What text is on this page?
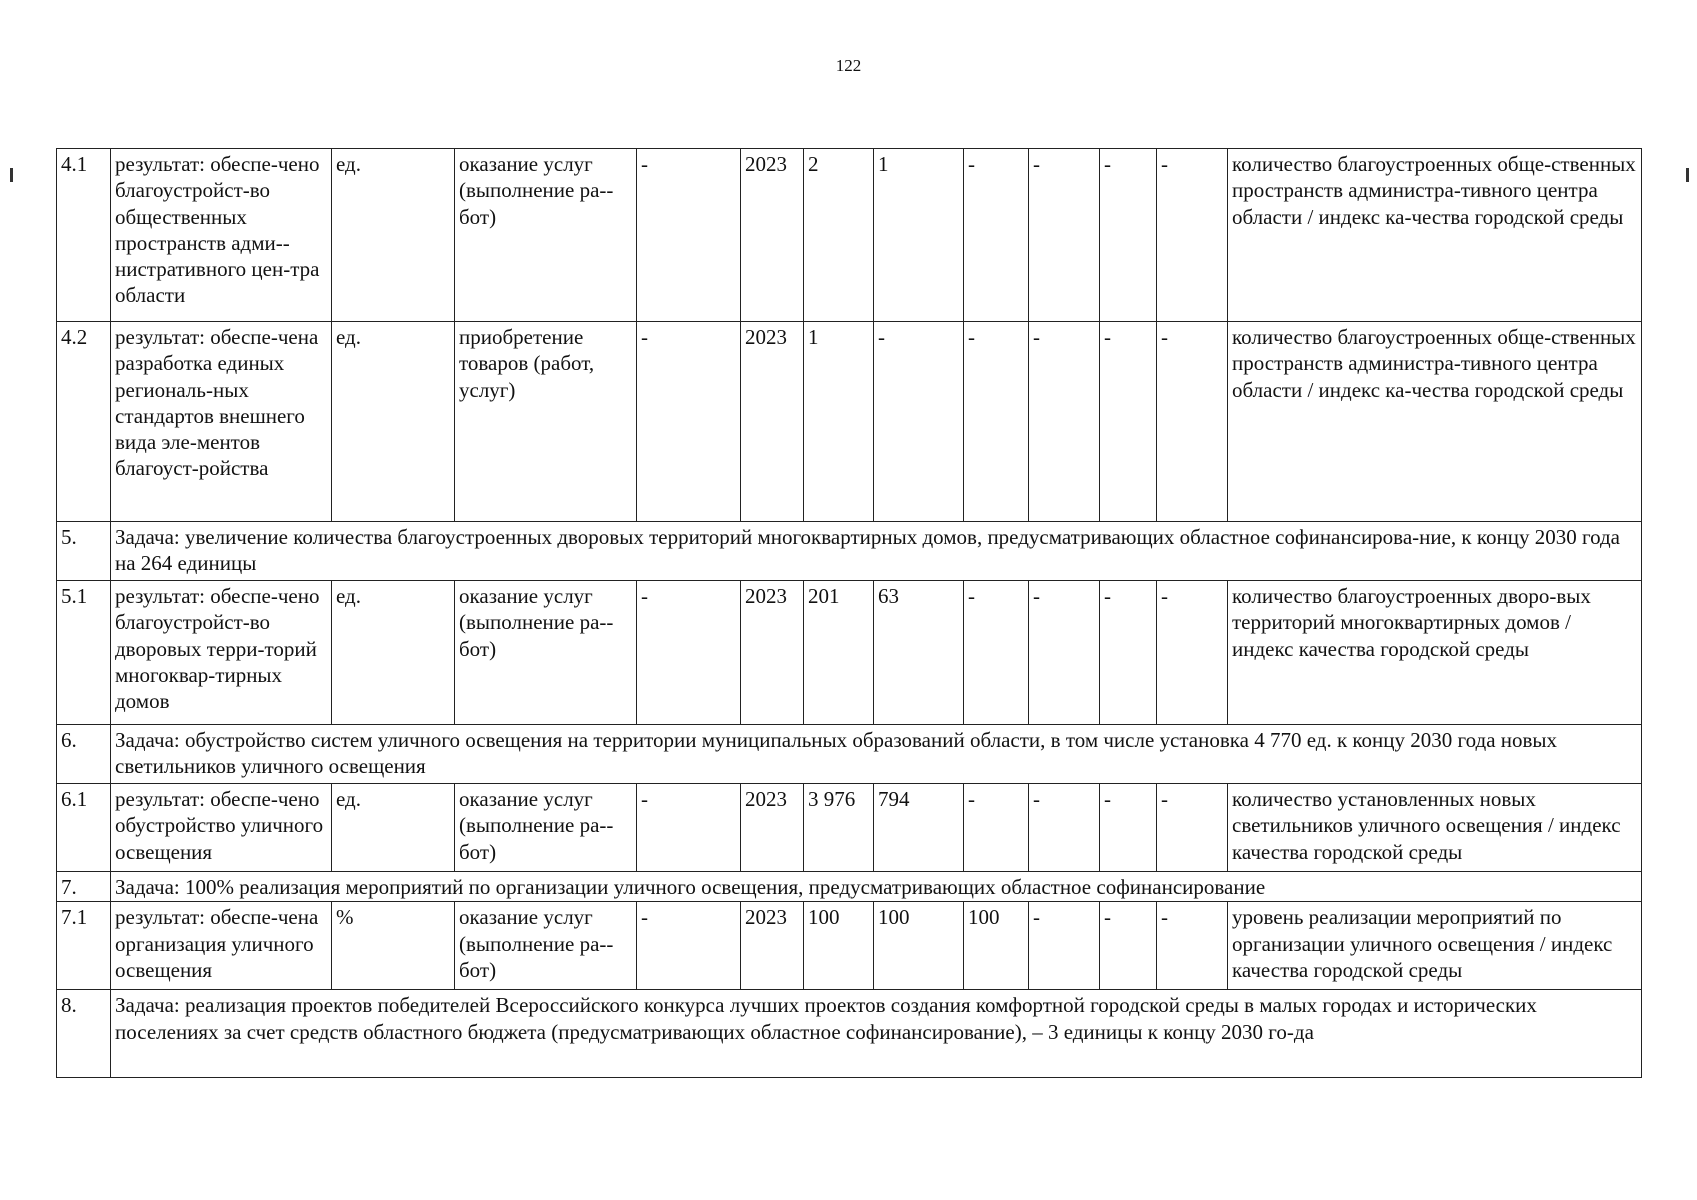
122
4.1	результат: обеспе-чено благоустройст-во общественных пространств адми-нистративного цен-тра области	ед.	оказание услуг (выполнение ра-бот)	-	2023	2	1	-	-	-	-	количество благоустроенных обще-ственных пространств администра-тивного центра области / индекс ка-чества городской среды
4.2	результат: обеспе-чена разработка единых региональ-ных стандартов внешнего вида эле-ментов благоуст-ройства	ед.	приобретение товаров (работ, услуг)	-	2023	1	-	-	-	-	-	количество благоустроенных обще-ственных пространств администра-тивного центра области / индекс ка-чества городской среды
5.	Задача: увеличение количества благоустроенных дворовых территорий многоквартирных домов, предусматривающих областное софинансирова-ние, к концу 2030 года на 264 единицы											
5.1	результат: обеспе-чено благоустройст-во дворовых терри-торий многоквар-тирных домов	ед.	оказание услуг (выполнение ра-бот)	-	2023	201	63	-	-	-	-	количество благоустроенных дворо-вых территорий многоквартирных домов / индекс качества городской среды
6.	Задача: обустройство систем уличного освещения на территории муниципальных образований области, в том числе установка 4 770 ед. к концу 2030 года новых светильников уличного освещения											
6.1	результат: обеспе-чено обустройство уличного освещения	ед.	оказание услуг (выполнение ра-бот)	-	2023	3 976	794	-	-	-	-	количество установленных новых светильников уличного освещения / индекс качества городской среды
7.	Задача: 100% реализация мероприятий по организации уличного освещения, предусматривающих областное софинансирование											
7.1	результат: обеспе-чена организация уличного освещения	%	оказание услуг (выполнение ра-бот)	-	2023	100	100	100	-	-	-	уровень реализации мероприятий по организации уличного освещения / индекс качества городской среды
8.	Задача: реализация проектов победителей Всероссийского конкурса лучших проектов создания комфортной городской среды в малых городах и исторических поселениях за счет средств областного бюджета (предусматривающих областное софинансирование), – 3 единицы к концу 2030 го-да											
